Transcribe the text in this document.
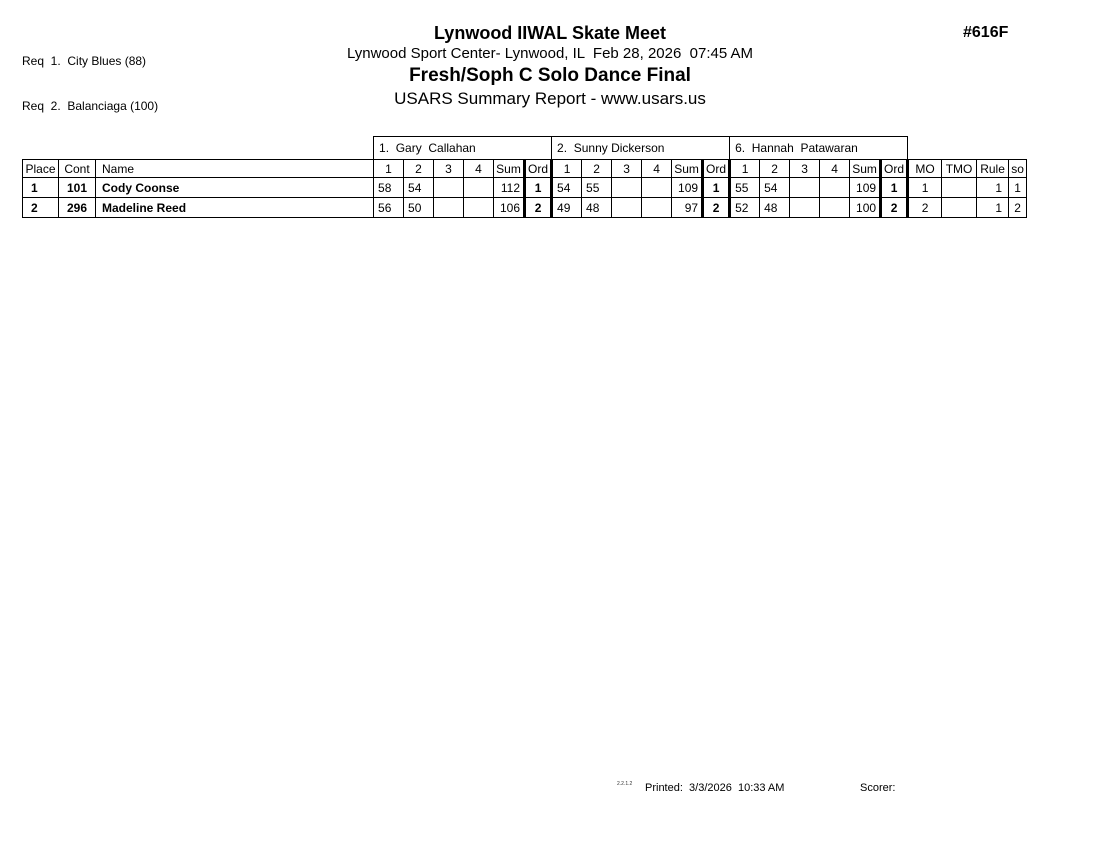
Req  1.  City Blues (88)

Req  2.  Balanciaga (100)

Lynwood IIWAL Skate Meet
Lynwood Sport Center- Lynwood, IL  Feb 28, 2026  07:45 AM
Fresh/Soph C Solo Dance Final
USARS Summary Report - www.usars.us
#616F
			1.  Gary  Callahan						2.  Sunny Dickerson						6.  Hannah  Patawaran									
Place	Cont	Name	1	2	3	4	Sum	Ord	1	2	3	4	Sum	Ord	1	2	3	4	Sum	Ord	MO	TMO	Rule	so
1	101	Cody Coonse	58	54			112	1	54	55			109	1	55	54			109	1	1		1	1
2	296	Madeline Reed	56	50			106	2	49	48			97	2	52	48			100	2	2		1	2
2.2.1.2 Printed:  3/3/2026  10:33 AM	Scorer:
